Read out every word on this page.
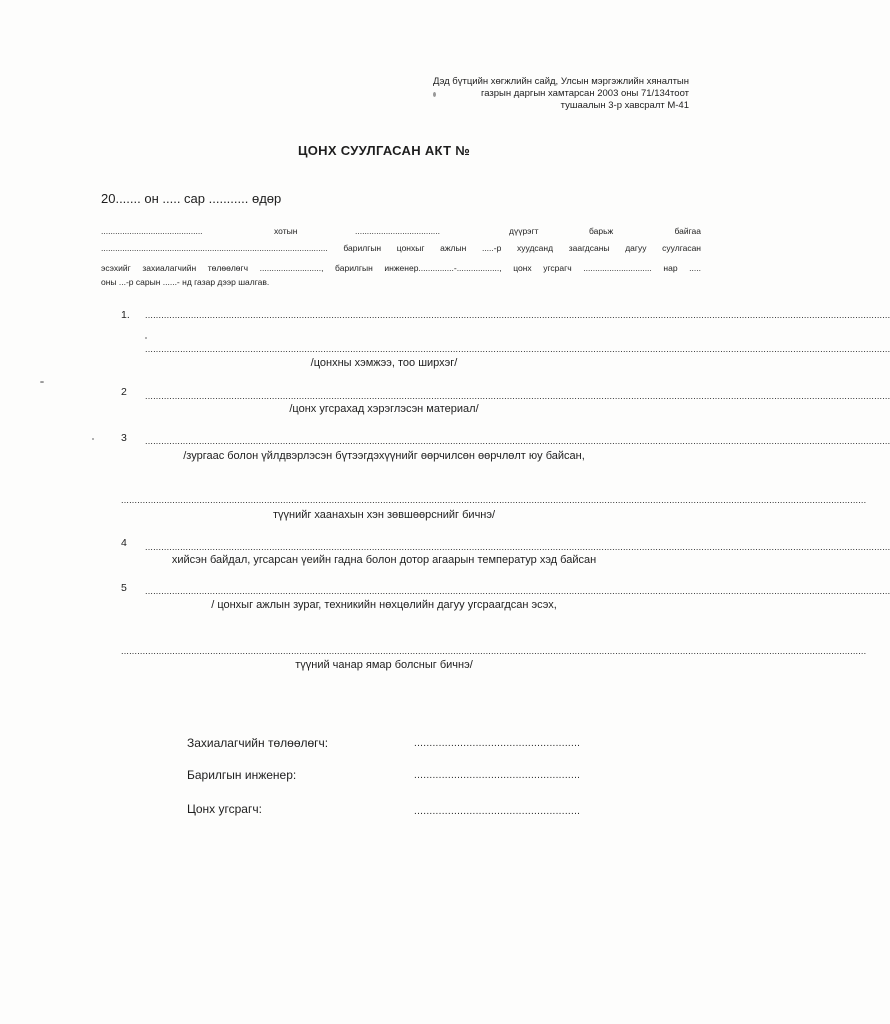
Дэд бүтцийн хөгжлийн сайд, Улсын мэргэжлийн хяналтын
газрын даргын хамтарсан 2003 оны 71/134тоот
тушаалын 3-р хавсралт М-41
ЦОНХ СУУЛГАСАН АКТ №
20....... он ..... сар ........... өдөр
...........................................	хотын	....................................	дүүрэгт	барьж	байгаа
................................................................................................ барилгын цонхыг ажлын .....-р хуудсанд заагдсаны дагуу суулгасан
эсэхийг захиалагчийн төлөөлөгч .........................., барилгын инженер...............-.................., цонх угсрагч ............................. нар .....
оны ...-р сарын ......- нд газар дээр шалгав.
1. ....................................................................................................................................................................................................................................................................................
....................................................................................................................................................................................................................................................................................
/цонхны хэмжээ, тоо ширхэг/
2 ....................................................................................................................................................................................................................................................................................
/цонх угсрахад хэрэглэсэн материал/
3 ....................................................................................................................................................................................................................................................................................
/зургаас болон үйлдвэрлэсэн бүтээгдэхүүнийг өөрчилсөн өөрчлөлт юу байсан,
....................................................................................................................................................................................................................................................................................
түүнийг хаанахын хэн зөвшөөрснийг бичнэ/
4 ....................................................................................................................................................................................................................................................................................
хийсэн байдал, угсарсан үеийн гадна болон дотор агаарын температур хэд байсан
5 ....................................................................................................................................................................................................................................................................................
/ цонхыг ажлын зураг, техникийн нөхцөлийн дагуу угсраагдсан эсэх,
....................................................................................................................................................................................................................................................................................
түүний чанар ямар болсныг бичнэ/
Захиалагчийн төлөөлөгч:	......................................................
Барилгын инженер:	......................................................
Цонх угсрагч:	......................................................
